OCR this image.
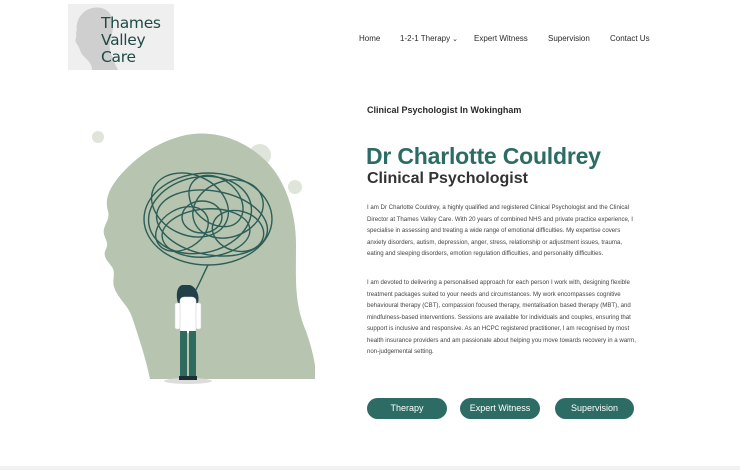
Thames
Valley
Care
Home 1-2-1 Therapy ⌄ Expert Witness	Supervision	Contact Us
Clinical Psychologist In Wokingham
Dr Charlotte Couldrey
Clinical Psychologist

I am Dr Charlotte Couldrey, a highly qualified and registered Clinical Psychologist and the Clinical Director at Thames Valley Care. With 20 years of combined NHS and private practice experience, I specialise in assessing and treating a wide range of emotional difficulties. My expertise covers anxiety disorders, autism, depression, anger, stress, relationship or adjustment issues, trauma, eating and sleeping disorders, emotion regulation difficulties, and personality difficulties.

I am devoted to delivering a personalised approach for each person I work with, designing flexible treatment packages suited to your needs and circumstances. My work encompasses cognitive behavioural therapy (CBT), compassion focused therapy, mentalisation based therapy (MBT), and mindfulness-based interventions. Sessions are available for individuals and couples, ensuring that support is inclusive and responsive. As an HCPC registered practitioner, I am recognised by most health insurance providers and am passionate about helping you move towards recovery in a warm, non-judgemental setting.

Therapy	Expert Witness	Supervision
